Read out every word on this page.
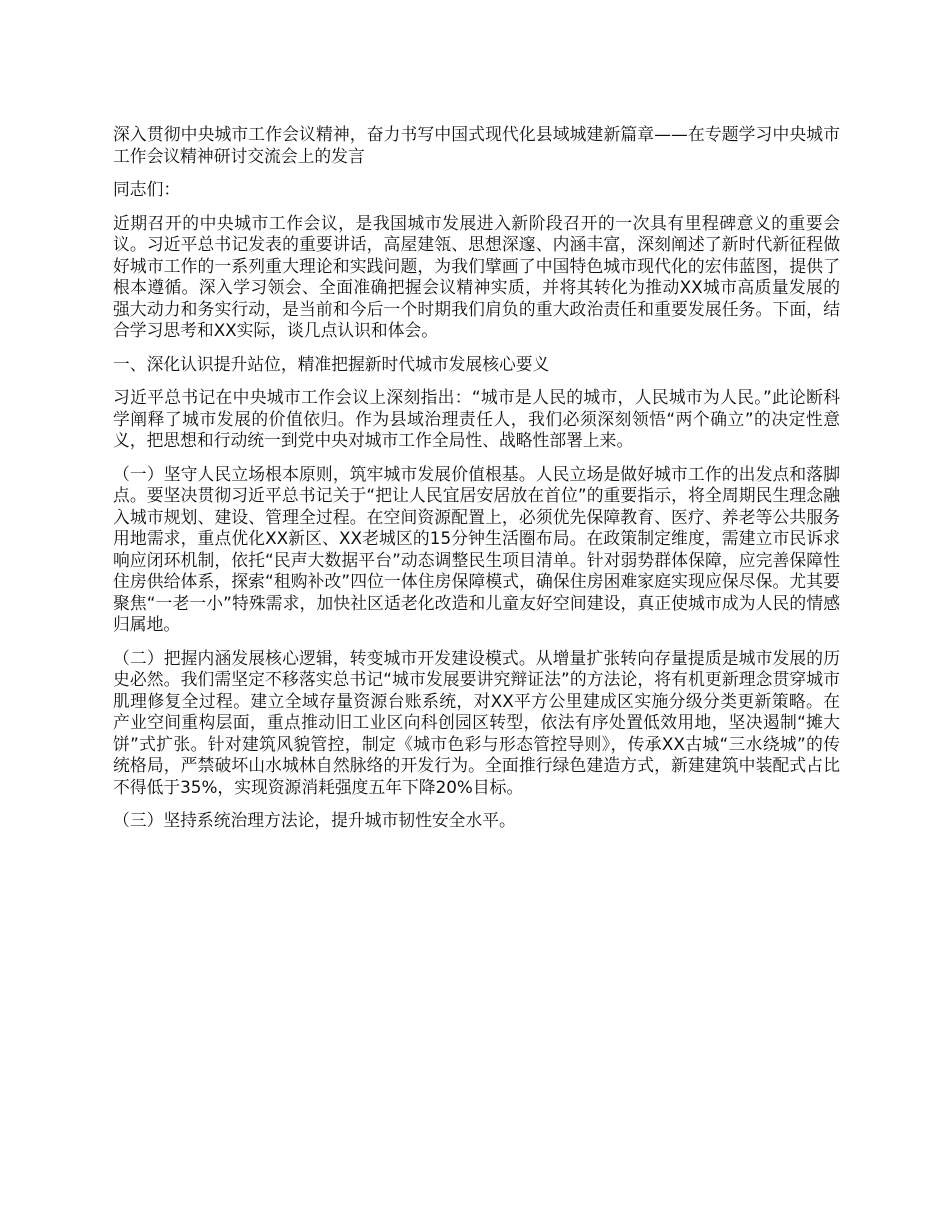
深入贯彻中央城市工作会议精神，奋力书写中国式现代化县域城建新篇章——在专题学习中央城市工作会议精神研讨交流会上的发言

同志们：

近期召开的中央城市工作会议，是我国城市发展进入新阶段召开的一次具有里程碑意义的重要会议。习近平总书记发表的重要讲话，高屋建瓴、思想深邃、内涵丰富，深刻阐述了新时代新征程做好城市工作的一系列重大理论和实践问题，为我们擘画了中国特色城市现代化的宏伟蓝图，提供了根本遵循。深入学习领会、全面准确把握会议精神实质，并将其转化为推动XX城市高质量发展的强大动力和务实行动，是当前和今后一个时期我们肩负的重大政治责任和重要发展任务。下面，结合学习思考和XX实际，谈几点认识和体会。

一、深化认识提升站位，精准把握新时代城市发展核心要义

习近平总书记在中央城市工作会议上深刻指出：“城市是人民的城市，人民城市为人民。”此论断科学阐释了城市发展的价值依归。作为县域治理责任人，我们必须深刻领悟“两个确立”的决定性意义，把思想和行动统一到党中央对城市工作全局性、战略性部署上来。

（一）坚守人民立场根本原则，筑牢城市发展价值根基。人民立场是做好城市工作的出发点和落脚点。要坚决贯彻习近平总书记关于“把让人民宜居安居放在首位”的重要指示，将全周期民生理念融入城市规划、建设、管理全过程。在空间资源配置上，必须优先保障教育、医疗、养老等公共服务用地需求，重点优化XX新区、XX老城区的15分钟生活圈布局。在政策制定维度，需建立市民诉求响应闭环机制，依托“民声大数据平台”动态调整民生项目清单。针对弱势群体保障，应完善保障性住房供给体系，探索“租购补改”四位一体住房保障模式，确保住房困难家庭实现应保尽保。尤其要聚焦“一老一小”特殊需求，加快社区适老化改造和儿童友好空间建设，真正使城市成为人民的情感归属地。

（二）把握内涵发展核心逻辑，转变城市开发建设模式。从增量扩张转向存量提质是城市发展的历史必然。我们需坚定不移落实总书记“城市发展要讲究辩证法”的方法论，将有机更新理念贯穿城市肌理修复全过程。建立全域存量资源台账系统，对XX平方公里建成区实施分级分类更新策略。在产业空间重构层面，重点推动旧工业区向科创园区转型，依法有序处置低效用地，坚决遏制“摊大饼”式扩张。针对建筑风貌管控，制定《城市色彩与形态管控导则》，传承XX古城“三水绕城”的传统格局，严禁破坏山水城林自然脉络的开发行为。全面推行绿色建造方式，新建建筑中装配式占比不得低于35%，实现资源消耗强度五年下降20%目标。

（三）坚持系统治理方法论，提升城市韧性安全水平。
